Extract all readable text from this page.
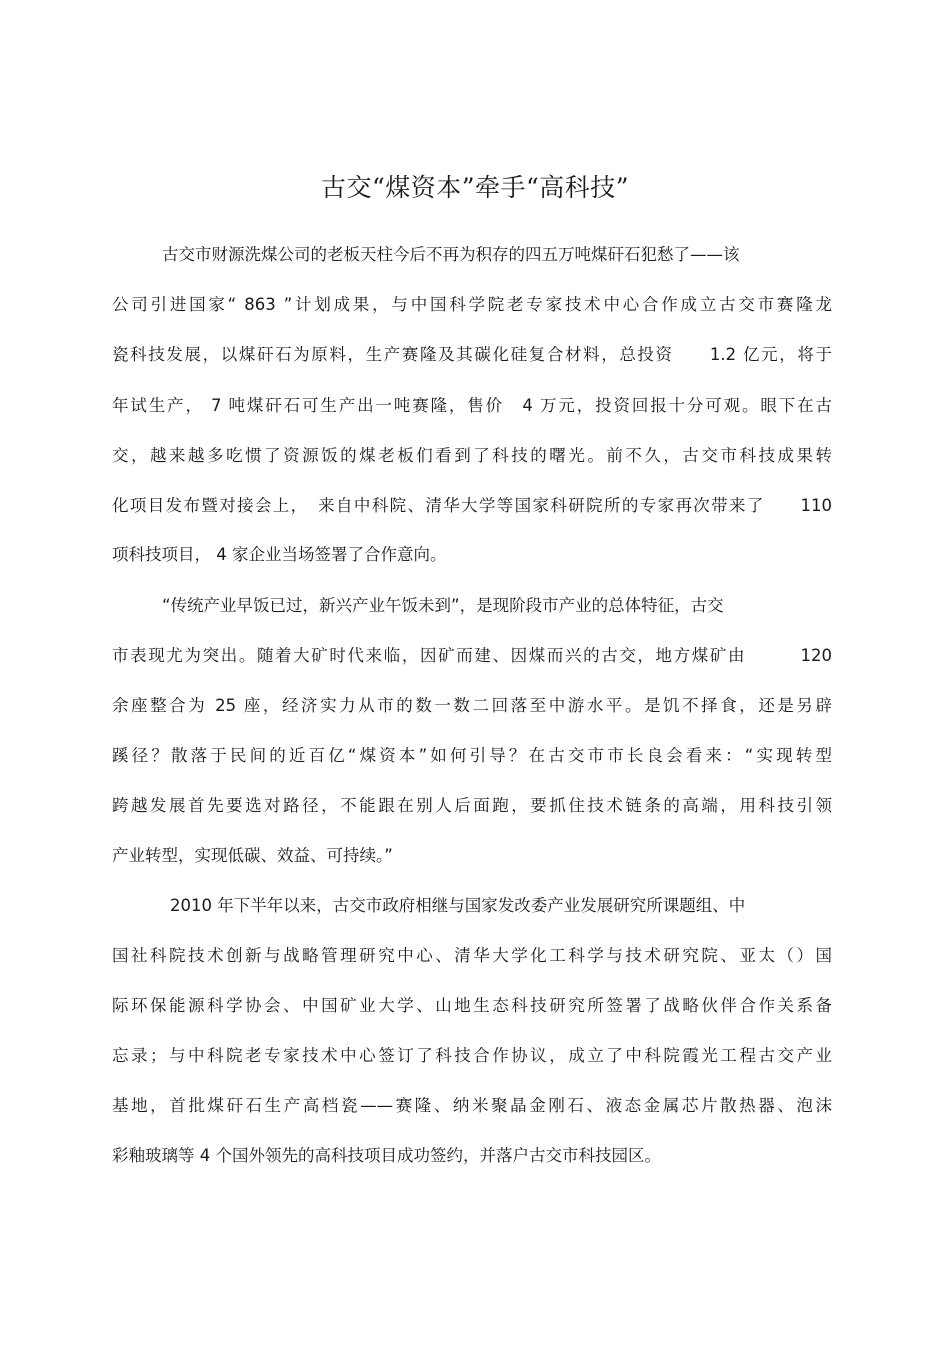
古交“煤资本”牵手“高科技”
古交市财源洗煤公司的老板天柱今后不再为积存的四五万吨煤矸石犯愁了——该
公司引进国家“ 863 ”计划成果，与中国科学院老专家技术中心合作成立古交市赛隆龙
瓷科技发展，以煤矸石为原料，生产赛隆及其碳化硅复合材料，总投资　　1.2 亿元，将于
年试生产， 7 吨煤矸石可生产出一吨赛隆，售价　4 万元，投资回报十分可观。眼下在古
交，越来越多吃惯了资源饭的煤老板们看到了科技的曙光。前不久，古交市科技成果转
化项目发布暨对接会上，　来自中科院、清华大学等国家科研院所的专家再次带来了　　110
项科技项目， 4 家企业当场签署了合作意向。
“传统产业早饭已过，新兴产业午饭未到”，是现阶段市产业的总体特征，古交
市表现尤为突出。随着大矿时代来临，因矿而建、因煤而兴的古交，地方煤矿由　　　120
余座整合为 25 座，经济实力从市的数一数二回落至中游水平。是饥不择食，还是另辟
蹊径？散落于民间的近百亿“煤资本”如何引导？在古交市市长良会看来：“实现转型
跨越发展首先要选对路径，不能跟在别人后面跑，要抓住技术链条的高端，用科技引领
产业转型，实现低碳、效益、可持续。”
2010 年下半年以来，古交市政府相继与国家发改委产业发展研究所课题组、中
国社科院技术创新与战略管理研究中心、清华大学化工科学与技术研究院、亚太（）国
际环保能源科学协会、中国矿业大学、山地生态科技研究所签署了战略伙伴合作关系备
忘录；与中科院老专家技术中心签订了科技合作协议，成立了中科院霞光工程古交产业
基地，首批煤矸石生产高档瓷——赛隆、纳米聚晶金刚石、液态金属芯片散热器、泡沫
彩釉玻璃等 4 个国外领先的高科技项目成功签约，并落户古交市科技园区。
